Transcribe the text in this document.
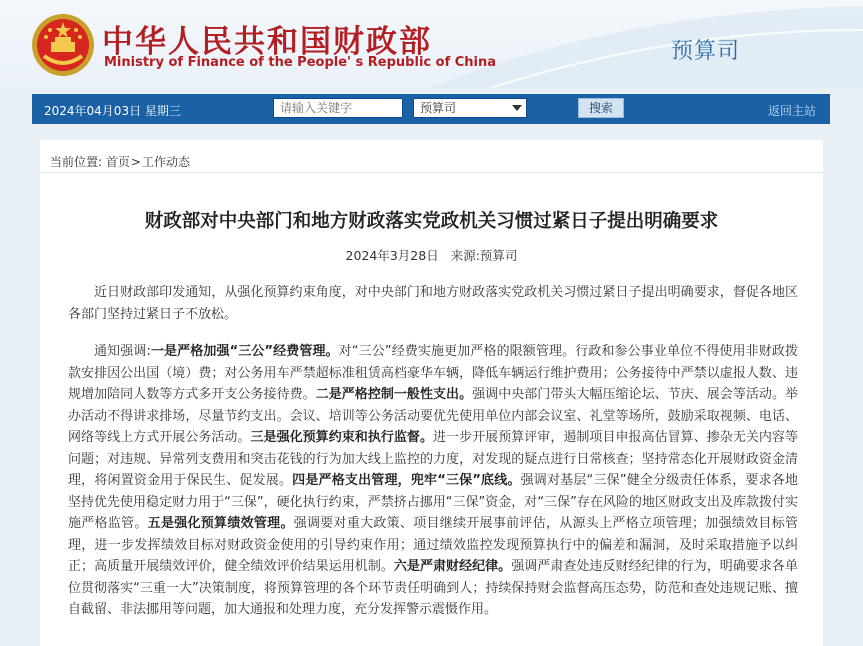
中华人民共和国财政部
Ministry of Finance of the People' s Republic of China	预算司
2024年04月03日 星期三
请输入关键字	预算司	搜索	返回主站
当前位置: 首页>工作动态
财政部对中央部门和地方财政落实党政机关习惯过紧日子提出明确要求
2024年3月28日 来源:预算司
近日财政部印发通知，从强化预算约束角度，对中央部门和地方财政落实党政机关习惯过紧日子提出明确要求，督促各地区各部门坚持过紧日子不放松。
通知强调:一是严格加强“三公”经费管理。对“三公”经费实施更加严格的限额管理。行政和参公事业单位不得使用非财政拨款安排因公出国（境）费；对公务用车严禁超标准租赁高档豪华车辆，降低车辆运行维护费用；公务接待中严禁以虚报人数、违规增加陪同人数等方式多开支公务接待费。二是严格控制一般性支出。强调中央部门带头大幅压缩论坛、节庆、展会等活动。举办活动不得讲求排场，尽量节约支出。会议、培训等公务活动要优先使用单位内部会议室、礼堂等场所，鼓励采取视频、电话、网络等线上方式开展公务活动。三是强化预算约束和执行监督。进一步开展预算评审，遏制项目申报高估冒算、掺杂无关内容等问题；对违规、异常列支费用和突击花钱的行为加大线上监控的力度，对发现的疑点进行日常核查；坚持常态化开展财政资金清理，将闲置资金用于保民生、促发展。四是严格支出管理，兜牢“三保”底线。强调对基层“三保”健全分级责任体系，要求各地坚持优先使用稳定财力用于“三保”，硬化执行约束，严禁挤占挪用“三保”资金，对“三保”存在风险的地区财政支出及库款拨付实施严格监管。五是强化预算绩效管理。强调要对重大政策、项目继续开展事前评估，从源头上严格立项管理；加强绩效目标管理，进一步发挥绩效目标对财政资金使用的引导约束作用；通过绩效监控发现预算执行中的偏差和漏洞，及时采取措施予以纠正；高质量开展绩效评价，健全绩效评价结果运用机制。六是严肃财经纪律。强调严肃查处违反财经纪律的行为，明确要求各单位贯彻落实“三重一大”决策制度，将预算管理的各个环节责任明确到人；持续保持财会监督高压态势，防范和查处违规记账、擅自截留、非法挪用等问题，加大通报和处理力度，充分发挥警示震慑作用。
